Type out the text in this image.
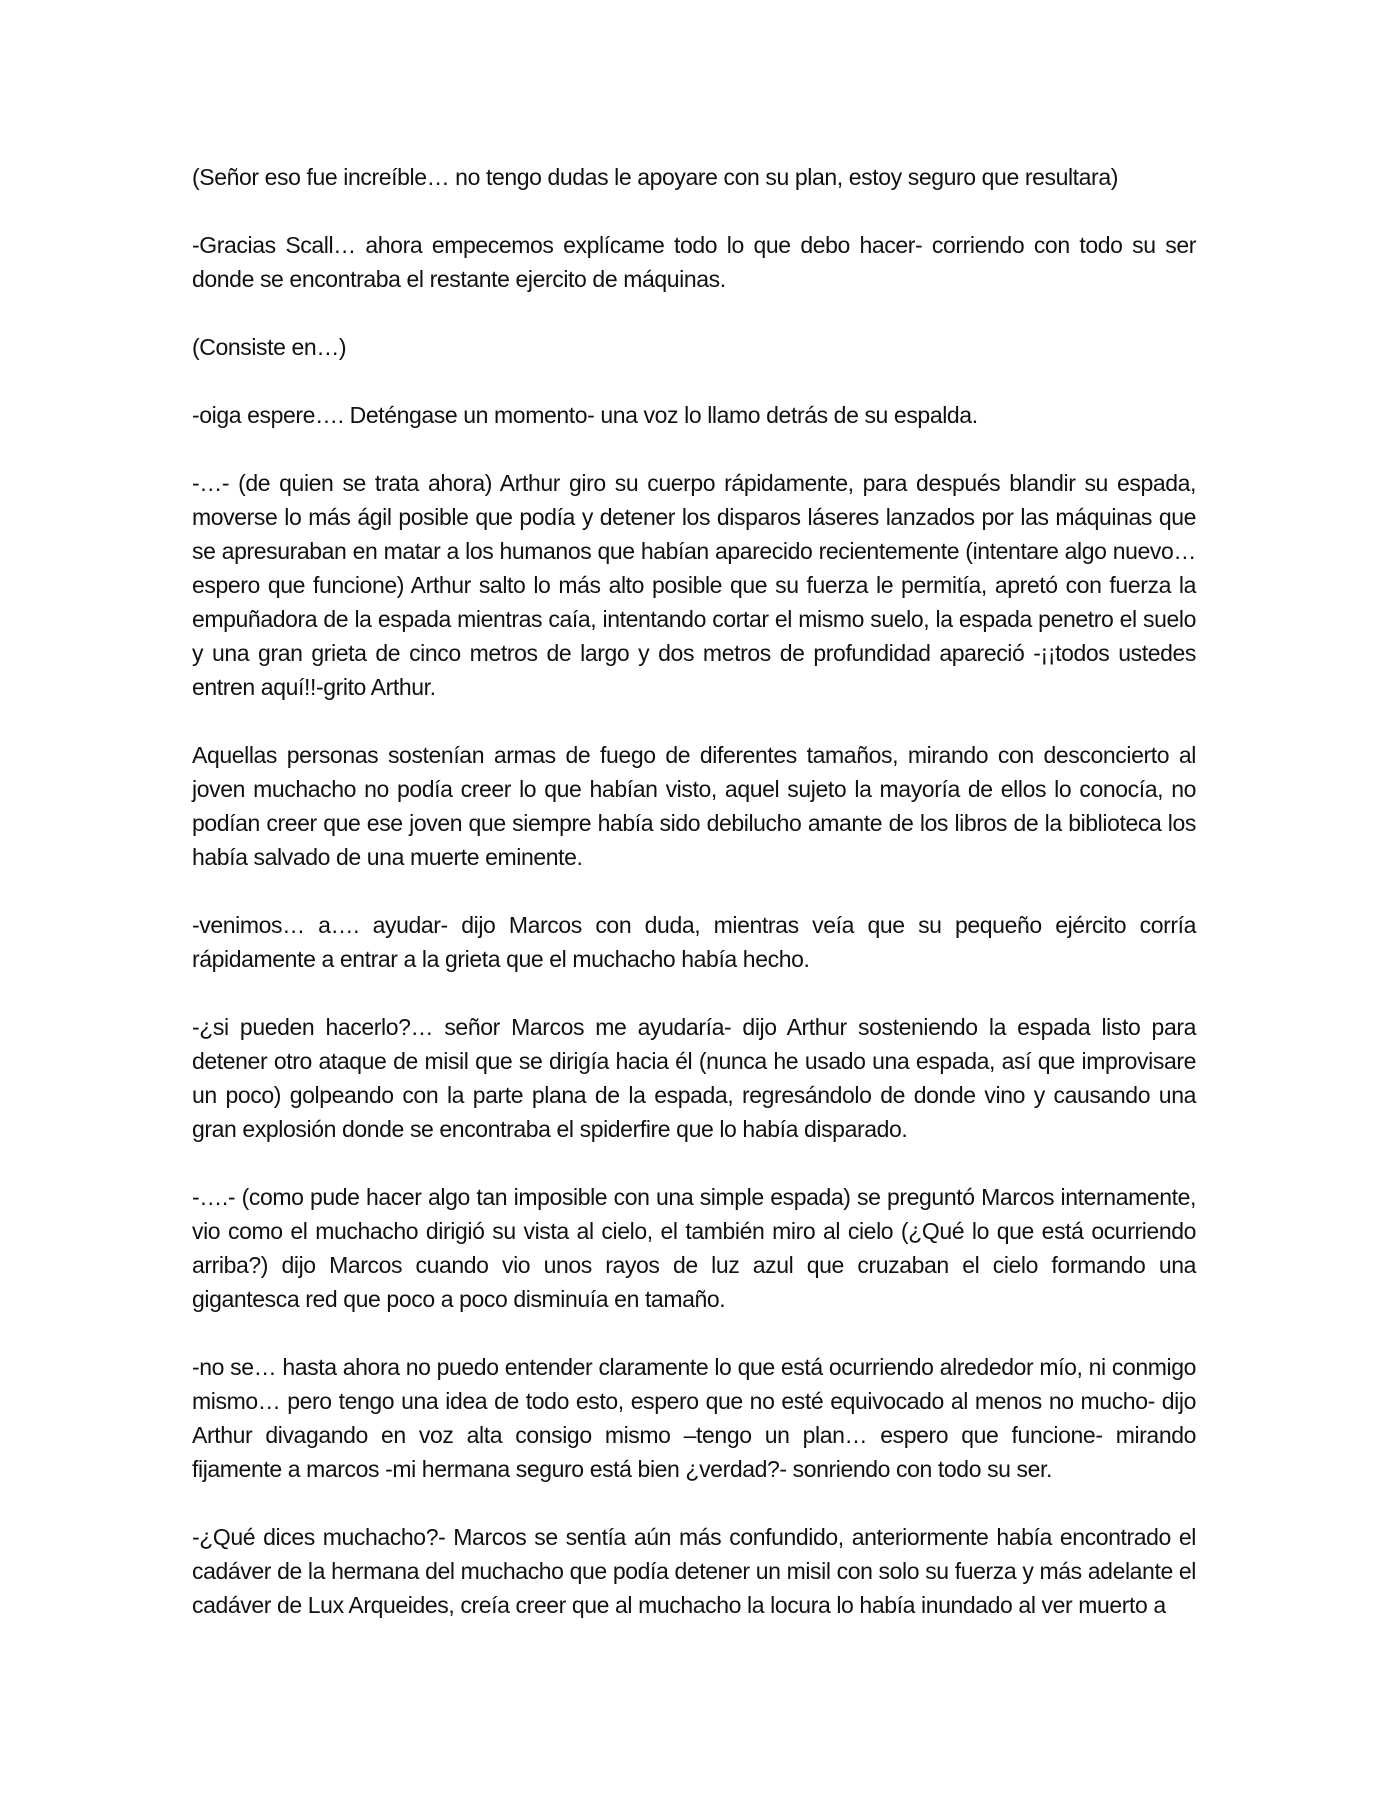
(Señor eso fue increíble… no tengo dudas le apoyare con su plan, estoy seguro que resultara)

-Gracias Scall… ahora empecemos explícame todo lo que debo hacer- corriendo con todo su ser donde se encontraba el restante ejercito de máquinas.

(Consiste en…)

-oiga espere…. Deténgase un momento- una voz lo llamo detrás de su espalda.

-…- (de quien se trata ahora) Arthur giro su cuerpo rápidamente, para después blandir su espada, moverse lo más ágil posible que podía y detener los disparos láseres lanzados por las máquinas que se apresuraban en matar a los humanos que habían aparecido recientemente (intentare algo nuevo… espero que funcione) Arthur salto lo más alto posible que su fuerza le permitía, apretó con fuerza la empuñadora de la espada mientras caía, intentando cortar el mismo suelo, la espada penetro el suelo y una gran grieta de cinco metros de largo y dos metros de profundidad apareció -¡¡todos ustedes entren aquí!!-grito Arthur.

Aquellas personas sostenían armas de fuego de diferentes tamaños, mirando con desconcierto al joven muchacho no podía creer lo que habían visto, aquel sujeto la mayoría de ellos lo conocía, no podían creer que ese joven que siempre había sido debilucho amante de los libros de la biblioteca los había salvado de una muerte eminente.

-venimos… a…. ayudar- dijo Marcos con duda, mientras veía que su pequeño ejército corría rápidamente a entrar a la grieta que el muchacho había hecho.

-¿si pueden hacerlo?… señor Marcos me ayudaría- dijo Arthur sosteniendo la espada listo para detener otro ataque de misil que se dirigía hacia él (nunca he usado una espada, así que improvisare un poco) golpeando con la parte plana de la espada, regresándolo de donde vino y causando una gran explosión donde se encontraba el spiderfire que lo había disparado.

-….- (como pude hacer algo tan imposible con una simple espada) se preguntó Marcos internamente, vio como el muchacho dirigió su vista al cielo, el también miro al cielo (¿Qué lo que está ocurriendo arriba?) dijo Marcos cuando vio unos rayos de luz azul que cruzaban el cielo formando una gigantesca red que poco a poco disminuía en tamaño.

-no se… hasta ahora no puedo entender claramente lo que está ocurriendo alrededor mío, ni conmigo mismo… pero tengo una idea de todo esto, espero que no esté equivocado al menos no mucho- dijo Arthur divagando en voz alta consigo mismo –tengo un plan… espero que funcione- mirando fijamente a marcos -mi hermana seguro está bien ¿verdad?- sonriendo con todo su ser.

-¿Qué dices muchacho?- Marcos se sentía aún más confundido, anteriormente había encontrado el cadáver de la hermana del muchacho que podía detener un misil con solo su fuerza y más adelante el cadáver de Lux Arqueides, creía creer que al muchacho la locura lo había inundado al ver muerto a
